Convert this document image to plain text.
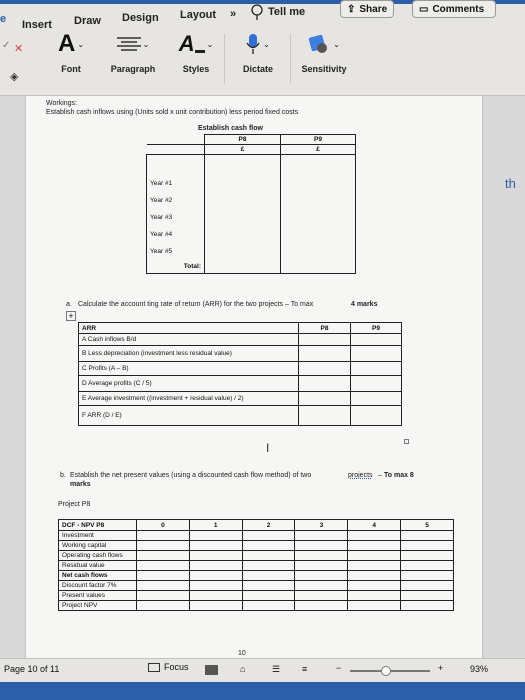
e Insert Draw Design Layout »	Tell me	⇪ Share	▭ Comments
✓ ✕
◈
A ⌄
Font
⌄
Paragraph
A ⌄
Styles
⌄
Dictate
⌄
Sensitivity
th
Workings:
Establish cash inflows using (Units sold x unit contribution) less period fixed costs
Establish cash flow
	P8	P9
	£	£

Year #1		
Year #2		
Year #3		
Year #4		
Year #5		
Total:		
a. Calculate the account ting rate of return (ARR) for the two projects – To max	4 marks
+
ARR	P8	P9
A Cash inflows B/d		
B Less depreciation (investment less residual value)		
C Profits (A – B)		
D Average profits (C / 5)		
E Average investment ((investment + residual value) / 2)		
F ARR (D / E)		
I
b. Establish the net present values (using a discounted cash flow method) of two	projects – To max 8
marks
Project P8
DCF - NPV P8	0	1	2	3	4	5
Investment						
Working capital						
Operating cash flows						
Residual value						
Net cash flows						
Discount factor 7%						
Present values						
Project NPV						
10
Page 10 of 11	Focus	⌂	☰ ≡	−	+	93%
